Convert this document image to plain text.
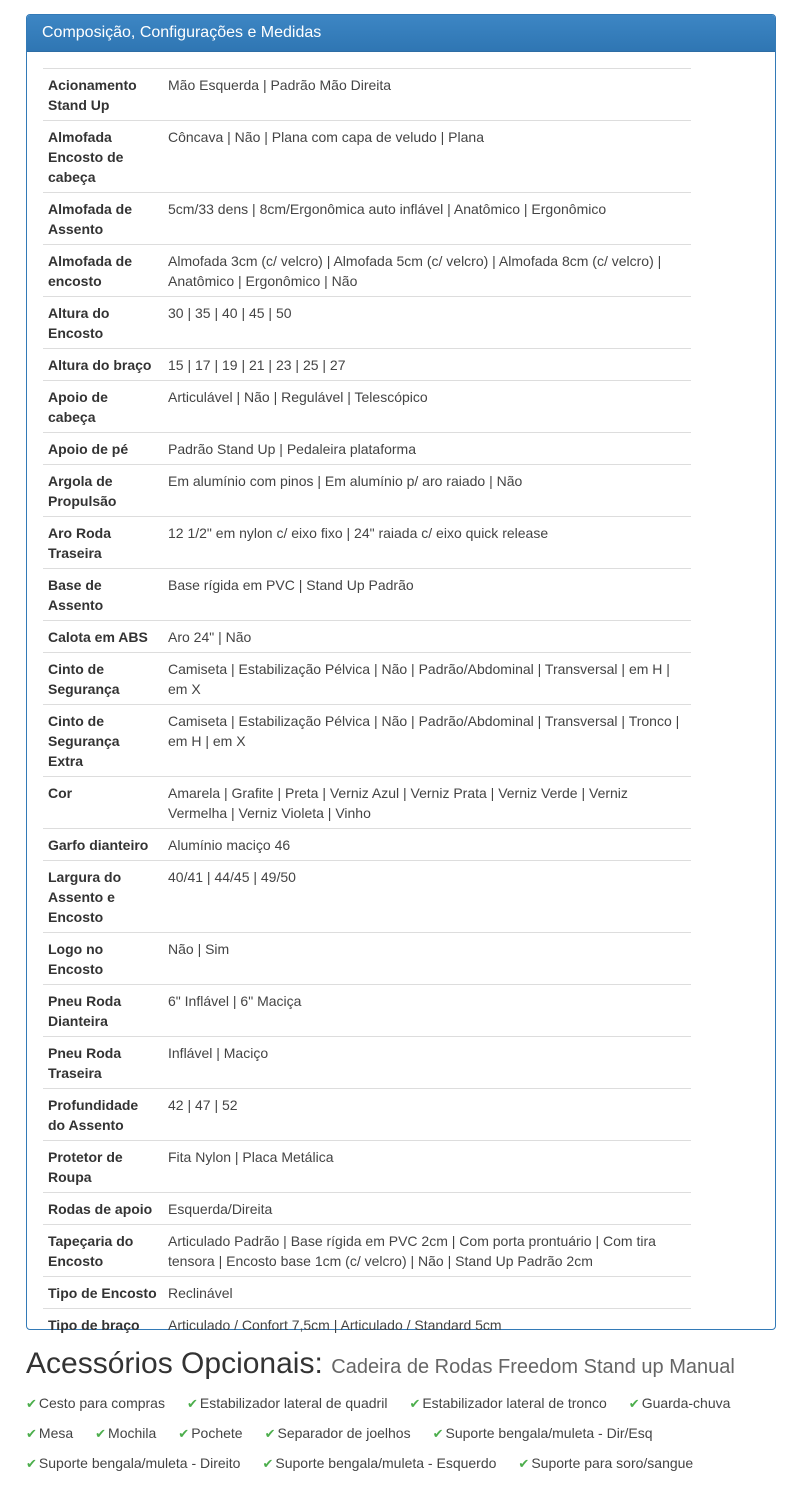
Composição, Configurações e Medidas
Acionamento Stand Up	Mão Esquerda | Padrão Mão Direita
Almofada Encosto de cabeça	Côncava | Não | Plana com capa de veludo | Plana
Almofada de Assento	5cm/33 dens | 8cm/Ergonômica auto inflável | Anatômico | Ergonômico
Almofada de encosto	Almofada 3cm (c/ velcro) | Almofada 5cm (c/ velcro) | Almofada 8cm (c/ velcro) | Anatômico | Ergonômico | Não
Altura do Encosto	30 | 35 | 40 | 45 | 50
Altura do braço	15 | 17 | 19 | 21 | 23 | 25 | 27
Apoio de cabeça	Articulável | Não | Regulável | Telescópico
Apoio de pé	Padrão Stand Up | Pedaleira plataforma
Argola de Propulsão	Em alumínio com pinos | Em alumínio p/ aro raiado | Não
Aro Roda Traseira	12 1/2" em nylon c/ eixo fixo | 24" raiada c/ eixo quick release
Base de Assento	Base rígida em PVC | Stand Up Padrão
Calota em ABS	Aro 24" | Não
Cinto de Segurança	Camiseta | Estabilização Pélvica | Não | Padrão/Abdominal | Transversal | em H | em X
Cinto de Segurança Extra	Camiseta | Estabilização Pélvica | Não | Padrão/Abdominal | Transversal | Tronco | em H | em X
Cor	Amarela | Grafite | Preta | Verniz Azul | Verniz Prata | Verniz Verde | Verniz Vermelha | Verniz Violeta | Vinho
Garfo dianteiro	Alumínio maciço 46
Largura do Assento e Encosto	40/41 | 44/45 | 49/50
Logo no Encosto	Não | Sim
Pneu Roda Dianteira	6" Inflável | 6" Maciça
Pneu Roda Traseira	Inflável | Maciço
Profundidade do Assento	42 | 47 | 52
Protetor de Roupa	Fita Nylon | Placa Metálica
Rodas de apoio	Esquerda/Direita
Tapeçaria do Encosto	Articulado Padrão | Base rígida em PVC 2cm | Com porta prontuário | Com tira tensora | Encosto base 1cm (c/ velcro) | Não | Stand Up Padrão 2cm
Tipo de Encosto	Reclinável
Tipo de braço	Articulado / Confort 7,5cm | Articulado / Standard 5cm
Acessórios Opcionais: Cadeira de Rodas Freedom Stand up Manual
✔ Cesto para compras ✔ Estabilizador lateral de quadril ✔ Estabilizador lateral de tronco ✔ Guarda-chuva
✔ Mesa ✔ Mochila ✔ Pochete ✔ Separador de joelhos ✔ Suporte bengala/muleta - Dir/Esq
✔ Suporte bengala/muleta - Direito ✔ Suporte bengala/muleta - Esquerdo ✔ Suporte para soro/sangue
